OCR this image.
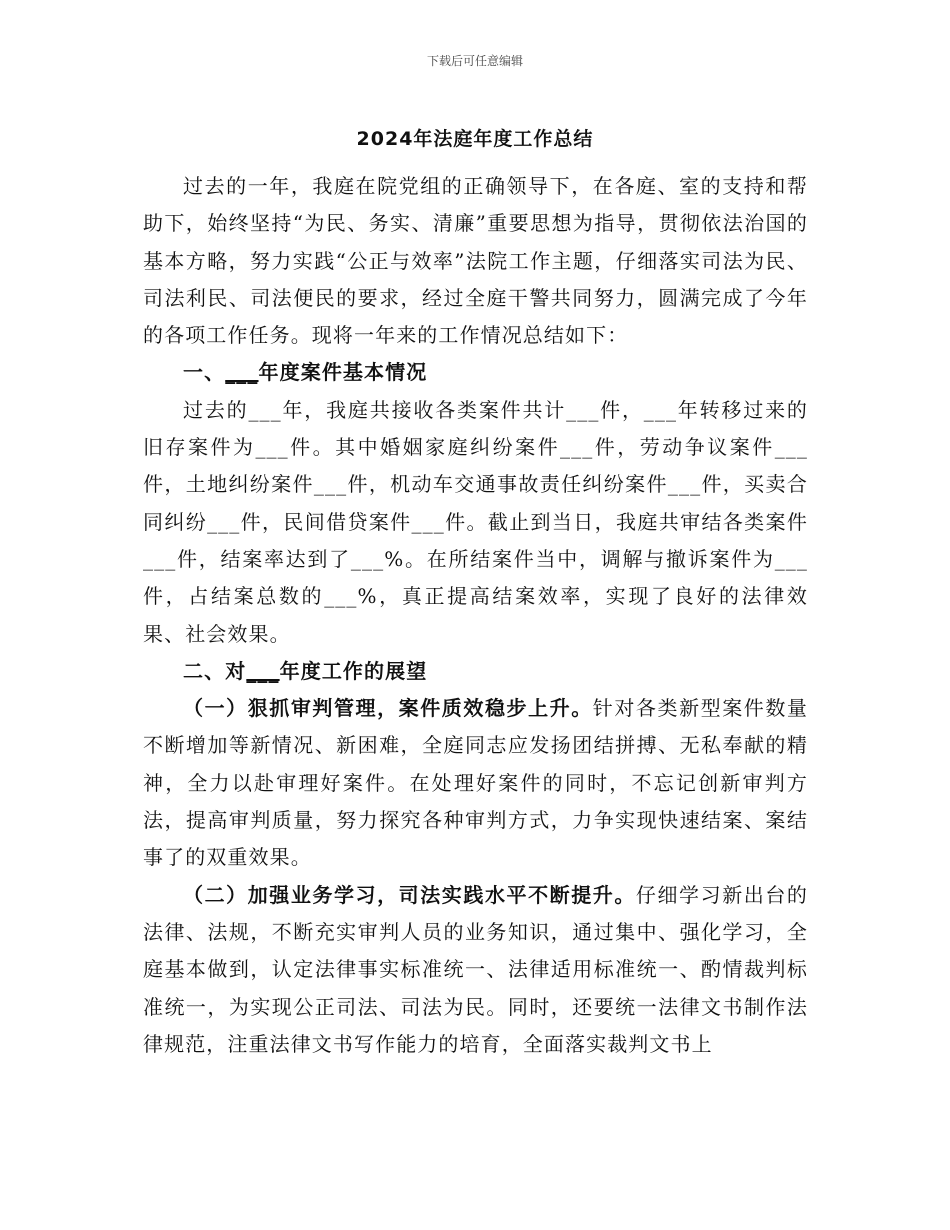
下载后可任意编辑
2024年法庭年度工作总结

过去的一年，我庭在院党组的正确领导下，在各庭、室的支持和帮助下，始终坚持“为民、务实、清廉”重要思想为指导，贯彻依法治国的基本方略，努力实践“公正与效率”法院工作主题，仔细落实司法为民、司法利民、司法便民的要求，经过全庭干警共同努力，圆满完成了今年的各项工作任务。现将一年来的工作情况总结如下：

一、___年度案件基本情况

过去的___年，我庭共接收各类案件共计___件，___年转移过来的旧存案件为___件。其中婚姻家庭纠纷案件___件，劳动争议案件___件，土地纠纷案件___件，机动车交通事故责任纠纷案件___件，买卖合同纠纷___件，民间借贷案件___件。截止到当日，我庭共审结各类案件___件，结案率达到了___%。在所结案件当中，调解与撤诉案件为___件，占结案总数的___%，真正提高结案效率，实现了良好的法律效果、社会效果。

二、对___年度工作的展望

（一）狠抓审判管理，案件质效稳步上升。针对各类新型案件数量不断增加等新情况、新困难，全庭同志应发扬团结拼搏、无私奉献的精神，全力以赴审理好案件。在处理好案件的同时，不忘记创新审判方法，提高审判质量，努力探究各种审判方式，力争实现快速结案、案结事了的双重效果。

（二）加强业务学习，司法实践水平不断提升。仔细学习新出台的法律、法规，不断充实审判人员的业务知识，通过集中、强化学习，全庭基本做到，认定法律事实标准统一、法律适用标准统一、酌情裁判标准统一，为实现公正司法、司法为民。同时，还要统一法律文书制作法律规范，注重法律文书写作能力的培育，全面落实裁判文书上
